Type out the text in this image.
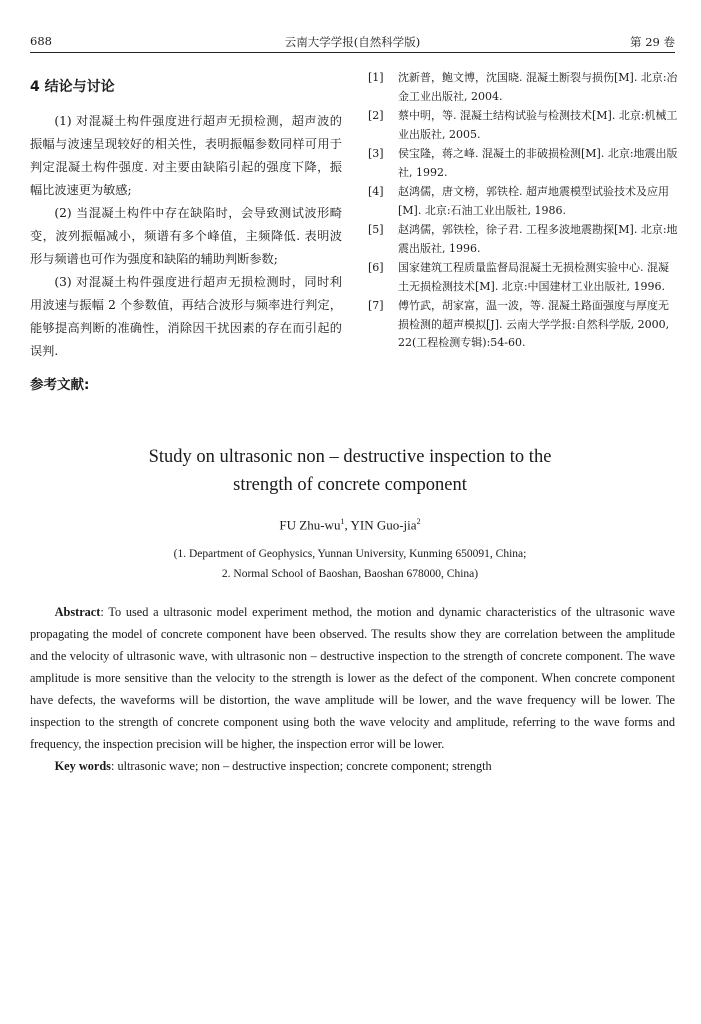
688	云南大学学报(自然科学版)	第 29 卷
4 结论与讨论

(1) 对混凝土构件强度进行超声无损检测，超声波的振幅与波速呈现较好的相关性，表明振幅参数同样可用于判定混凝土构件强度. 对主要由缺陷引起的强度下降，振幅比波速更为敏感;

(2) 当混凝土构件中存在缺陷时，会导致测试波形畸变，波列振幅减小，频谱有多个峰值，主频降低. 表明波形与频谱也可作为强度和缺陷的辅助判断参数;

(3) 对混凝土构件强度进行超声无损检测时，同时利用波速与振幅 2 个参数值，再结合波形与频率进行判定，能够提高判断的准确性，消除因干扰因素的存在而引起的误判.

参考文献:
[1]	沈新普，鲍文博，沈国晓. 混凝土断裂与损伤[M]. 北京:冶金工业出版社, 2004.
[2]	蔡中明，等. 混凝土结构试验与检测技术[M]. 北京:机械工业出版社, 2005.
[3]	侯宝隆，蒋之峰. 混凝土的非破损检测[M]. 北京:地震出版社, 1992.
[4]	赵鸿儒，唐文榜，郭铁栓. 超声地震模型试验技术及应用[M]. 北京:石油工业出版社, 1986.
[5]	赵鸿儒，郭铁栓，徐子君. 工程多波地震勘探[M]. 北京:地震出版社, 1996.
[6]	国家建筑工程质量监督局混凝土无损检测实验中心. 混凝土无损检测技术[M]. 北京:中国建材工业出版社, 1996.
[7]	傅竹武，胡家富，温一波，等. 混凝土路面强度与厚度无损检测的超声模拟[J]. 云南大学学报:自然科学版, 2000, 22(工程检测专辑):54-60.
Study on ultrasonic non – destructive inspection to the
strength of concrete component
FU Zhu-$wu^1$, YIN Guo-jia$^2$
(1. Department of Geophysics, Yunnan University, Kunming 650091, China;
2. Normal School of Baoshan, Baoshan 678000, China)

Abstract: To used a ultrasonic model experiment method, the motion and dynamic characteristics of the ultrasonic wave propagating the model of concrete component have been observed. The results show they are correlation between the amplitude and the velocity of ultrasonic wave, with ultrasonic non – destructive inspection to the strength of concrete component. The wave amplitude is more sensitive than the velocity to the strength is lower as the defect of the component. When concrete component have defects, the waveforms will be distortion, the wave amplitude will be lower, and the wave frequency will be lower. The inspection to the strength of concrete component using both the wave velocity and amplitude, referring to the wave forms and frequency, the inspection precision will be higher, the inspection error will be lower.

Key words: ultrasonic wave; non – destructive inspection; concrete component; strength
